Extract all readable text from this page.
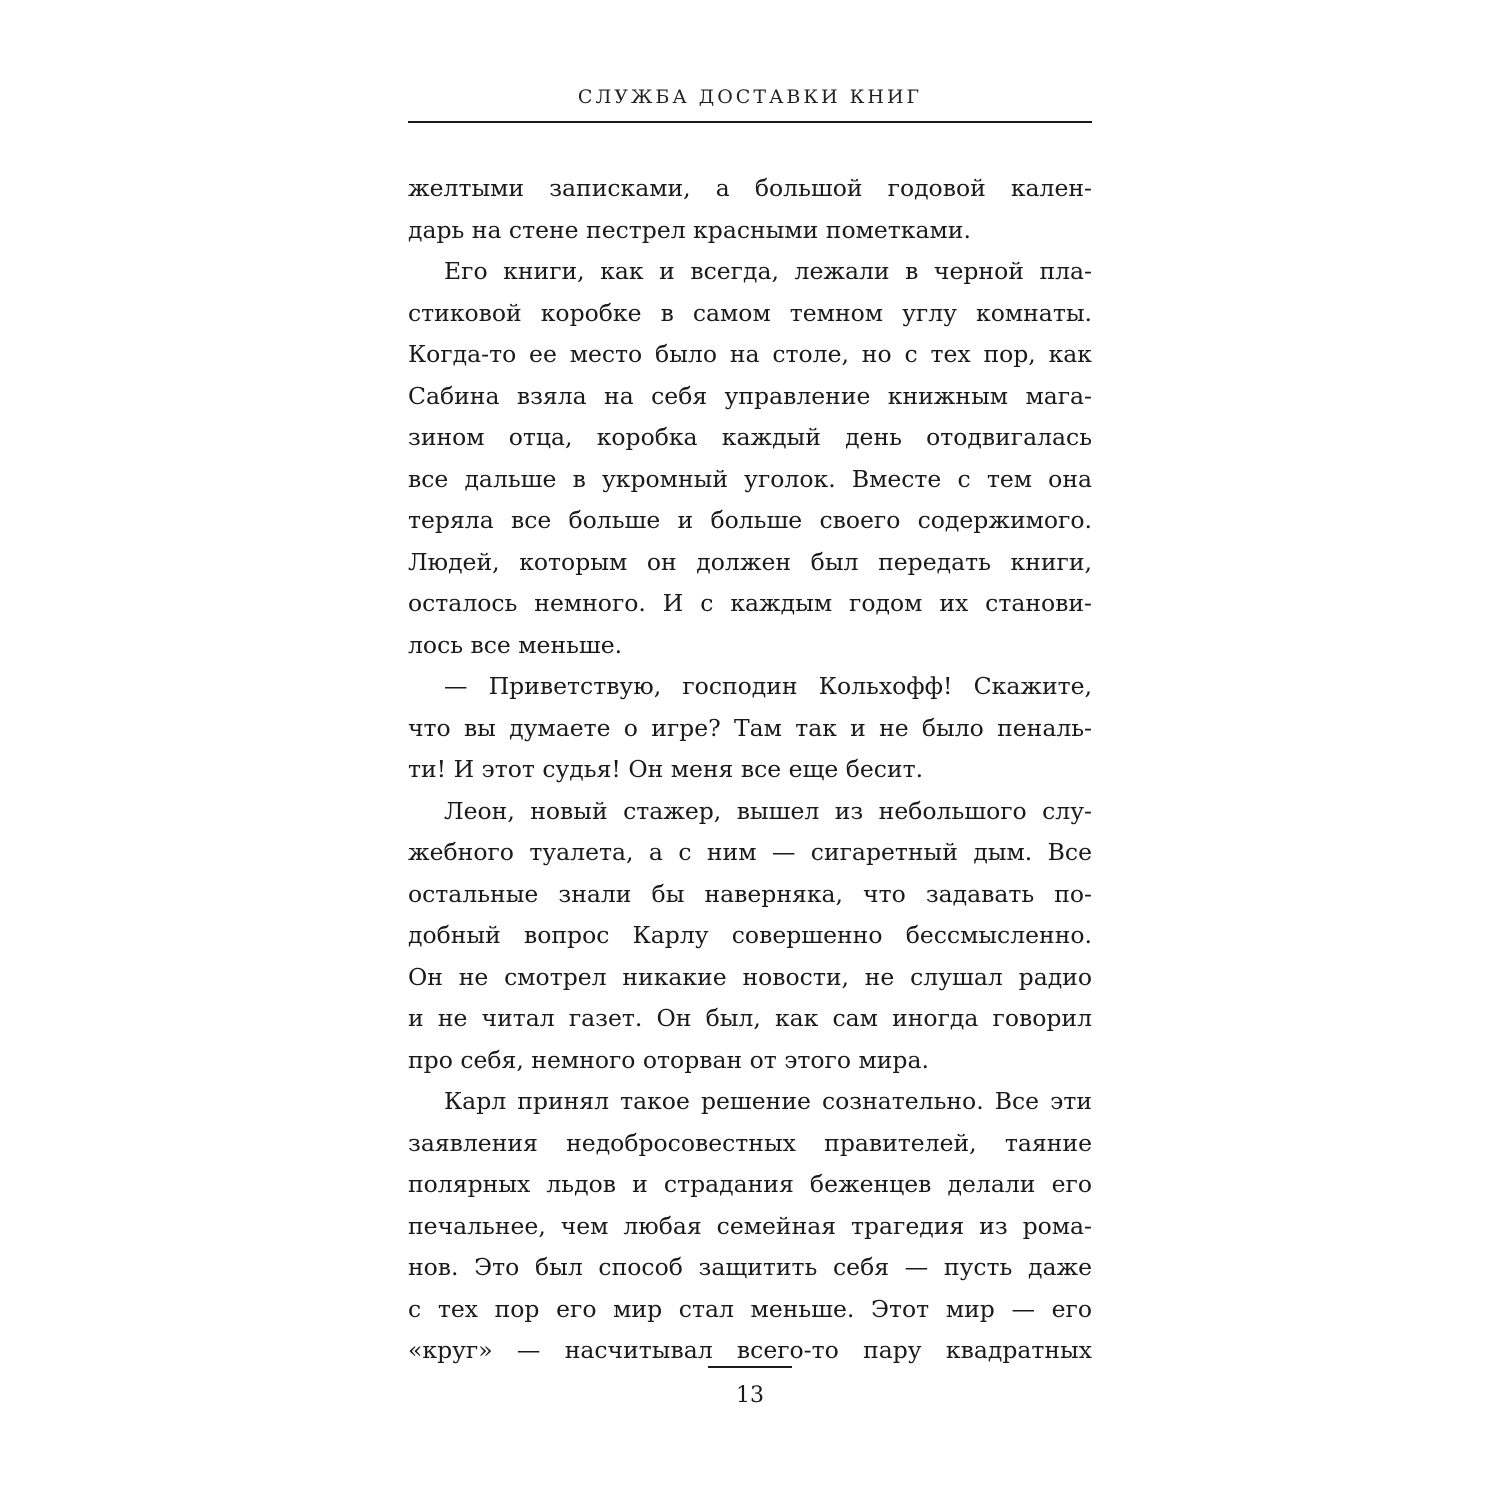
СЛУЖБА ДОСТАВКИ КНИГ
желтыми записками, а большой годовой кален-
дарь на стене пестрел красными пометками.
Его книги, как и всегда, лежали в черной пла-
стиковой коробке в самом темном углу комнаты.
Когда-то ее место было на столе, но с тех пор, как
Сабина взяла на себя управление книжным мага-
зином отца, коробка каждый день отодвигалась
все дальше в укромный уголок. Вместе с тем она
теряла все больше и больше своего содержимого.
Людей, которым он должен был передать книги,
осталось немного. И с каждым годом их станови-
лось все меньше.
— Приветствую, господин Кольхофф! Скажите,
что вы думаете о игре? Там так и не было пеналь-
ти! И этот судья! Он меня все еще бесит.
Леон, новый стажер, вышел из небольшого слу-
жебного туалета, а с ним — сигаретный дым. Все
остальные знали бы наверняка, что задавать по-
добный вопрос Карлу совершенно бессмысленно.
Он не смотрел никакие новости, не слушал радио
и не читал газет. Он был, как сам иногда говорил
про себя, немного оторван от этого мира.
Карл принял такое решение сознательно. Все эти
заявления недобросовестных правителей, таяние
полярных льдов и страдания беженцев делали его
печальнее, чем любая семейная трагедия из рома-
нов. Это был способ защитить себя — пусть даже
с тех пор его мир стал меньше. Этот мир — его
«круг» — насчитывал всего-то пару квадратных
13
